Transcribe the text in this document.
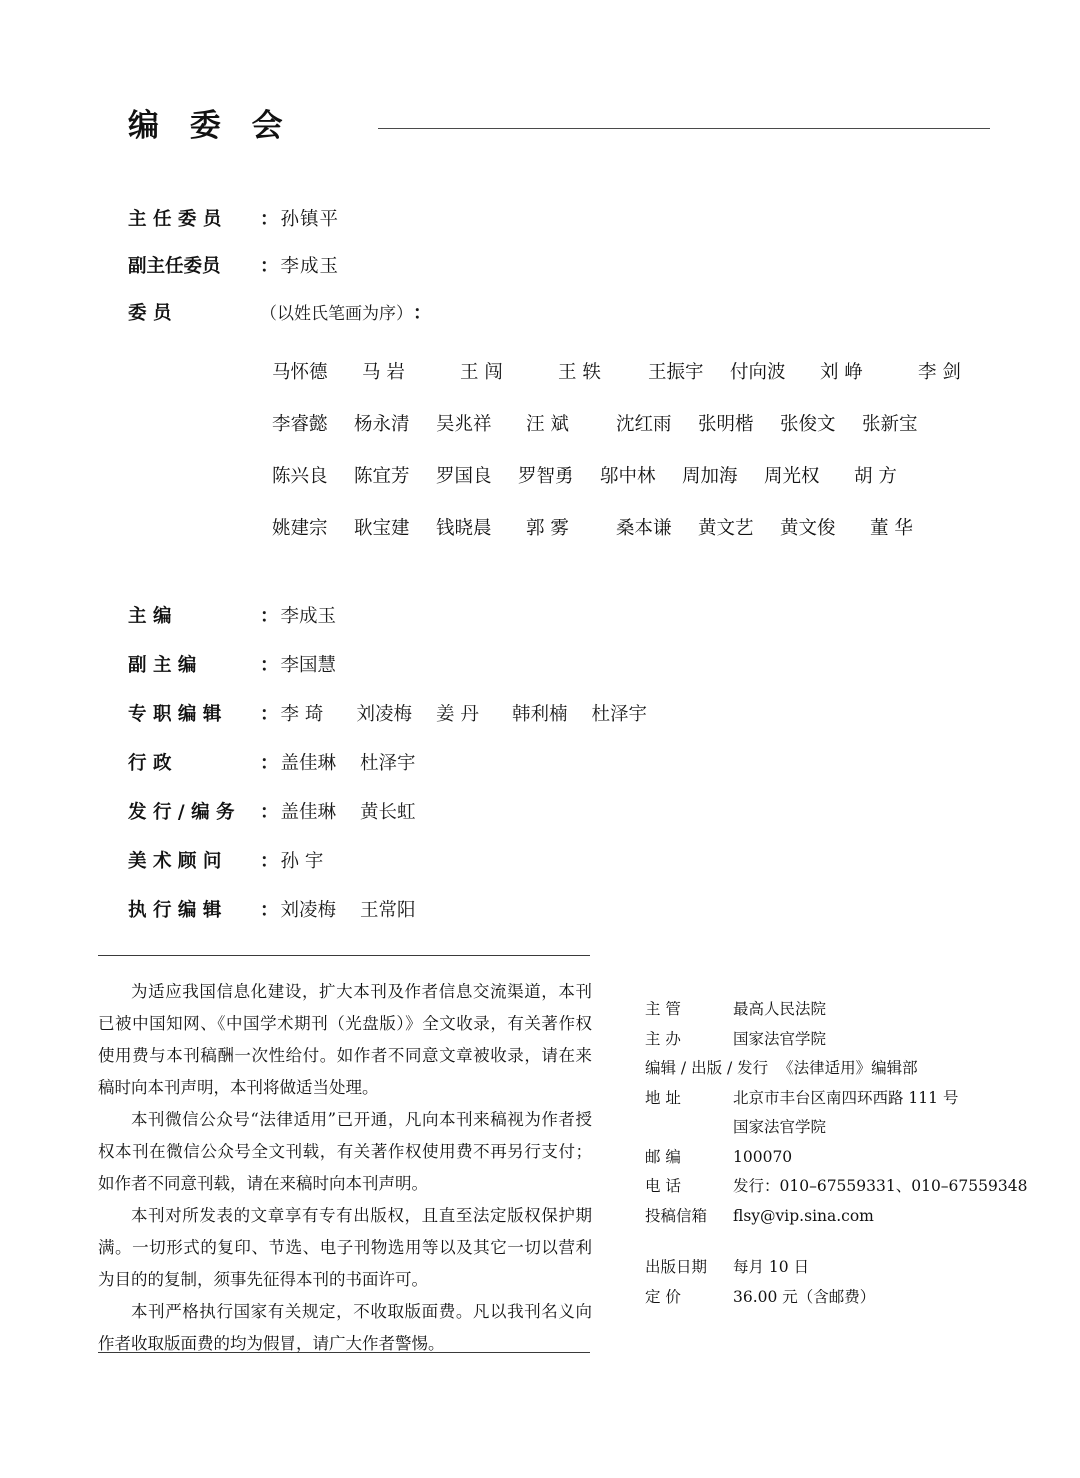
编 委 会
主 任 委 员	： 孙镇平
副主任委员	： 李成玉
委 员	（以姓氏笔画为序） ：
马怀德	马 岩	王 闯	王 轶	王振宇	付向波	刘 峥	李 剑
李睿懿	杨永清	吴兆祥	汪 斌	沈红雨	张明楷	张俊文	张新宝
陈兴良	陈宜芳	罗国良	罗智勇	邬中林	周加海	周光权	胡 方
姚建宗	耿宝建	钱晓晨	郭 雾	桑本谦	黄文艺	黄文俊	董 华
主 编	： 李成玉
副 主 编	： 李国慧
专 职 编 辑	： 李 琦	刘凌梅 姜 丹	韩利楠 杜泽宇
行 政	： 盖佳琳 杜泽宇
发 行 / 编 务	： 盖佳琳 黄长虹
美 术 顾 问	： 孙 宇
执 行 编 辑	： 刘凌梅 王常阳

为适应我国信息化建设，扩大本刊及作者信息交流渠道，本刊已被中国知网、《中国学术期刊（光盘版）》全文收录，有关著作权使用费与本刊稿酬一次性给付。如作者不同意文章被收录，请在来稿时向本刊声明，本刊将做适当处理。

本刊微信公众号“法律适用”已开通，凡向本刊来稿视为作者授权本刊在微信公众号全文刊载，有关著作权使用费不再另行支付；如作者不同意刊载，请在来稿时向本刊声明。

本刊对所发表的文章享有专有出版权，且直至法定版权保护期满。一切形式的复印、节选、电子刊物选用等以及其它一切以营利为目的的复制，须事先征得本刊的书面许可。

本刊严格执行国家有关规定，不收取版面费。凡以我刊名义向作者收取版面费的均为假冒，请广大作者警惕。

主 管	最高人民法院
主 办	国家法官学院
编辑 / 出版 / 发行 《法律适用》编辑部
地 址	北京市丰台区南四环西路 111 号
国家法官学院
邮 编	100070
电 话	发行：010–67559331、010–67559348
投稿信箱	flsy@vip.sina.com
出版日期	每月 10 日
定 价	36.00 元（含邮费）
